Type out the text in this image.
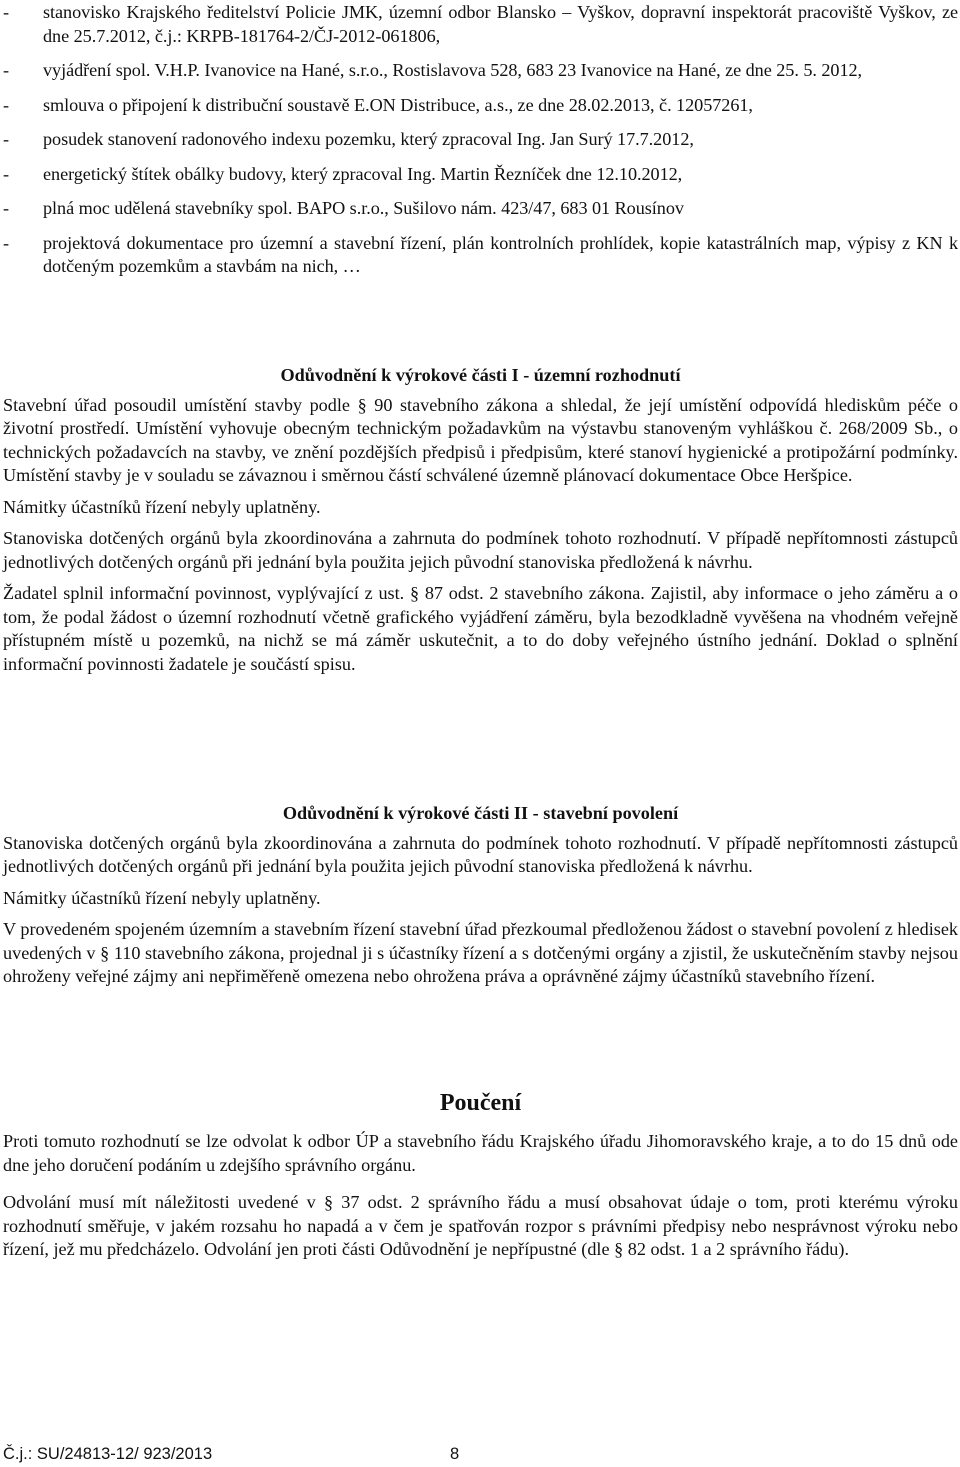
-	stanovisko Krajského ředitelství Policie JMK, územní odbor Blansko – Vyškov, dopravní inspektorát pracoviště Vyškov, ze dne 25.7.2012, č.j.: KRPB-181764-2/ČJ-2012-061806,
-	vyjádření spol. V.H.P. Ivanovice na Hané, s.r.o., Rostislavova 528, 683 23 Ivanovice na Hané, ze dne 25. 5. 2012,
-	smlouva o připojení k distribuční soustavě E.ON Distribuce, a.s., ze dne 28.02.2013, č. 12057261,
-	posudek stanovení radonového indexu pozemku, který zpracoval Ing. Jan Surý 17.7.2012,
-	energetický štítek obálky budovy, který zpracoval Ing. Martin Řezníček dne 12.10.2012,
-	plná moc udělená stavebníky spol. BAPO s.r.o., Sušilovo nám. 423/47, 683 01 Rousínov
-	projektová dokumentace pro územní a stavební řízení, plán kontrolních prohlídek, kopie katastrálních map, výpisy z KN k dotčeným pozemkům a stavbám na nich, …
Odůvodnění k výrokové části I - územní rozhodnutí
Stavební úřad posoudil umístění stavby podle § 90 stavebního zákona a shledal, že její umístění odpovídá hlediskům péče o životní prostředí. Umístění vyhovuje obecným technickým požadavkům na výstavbu stanoveným vyhláškou č. 268/2009 Sb., o technických požadavcích na stavby, ve znění pozdějších předpisů i předpisům, které stanoví hygienické a protipožární podmínky. Umístění stavby je v souladu se závaznou i směrnou částí schválené územně plánovací dokumentace Obce Heršpice.
Námitky účastníků řízení nebyly uplatněny.
Stanoviska dotčených orgánů byla zkoordinována a zahrnuta do podmínek tohoto rozhodnutí. V případě nepřítomnosti zástupců jednotlivých dotčených orgánů při jednání byla použita jejich původní stanoviska předložená k návrhu.
Žadatel splnil informační povinnost, vyplývající z ust. § 87 odst. 2 stavebního zákona. Zajistil, aby informace o jeho záměru a o tom, že podal žádost o územní rozhodnutí včetně grafického vyjádření záměru, byla bezodkladně vyvěšena na vhodném veřejně přístupném místě u pozemků, na nichž se má záměr uskutečnit, a to do doby veřejného ústního jednání. Doklad o splnění informační povinnosti žadatele je součástí spisu.
Odůvodnění k výrokové části II - stavební povolení
Stanoviska dotčených orgánů byla zkoordinována a zahrnuta do podmínek tohoto rozhodnutí. V případě nepřítomnosti zástupců jednotlivých dotčených orgánů při jednání byla použita jejich původní stanoviska předložená k návrhu.
Námitky účastníků řízení nebyly uplatněny.
V provedeném spojeném územním a stavebním řízení stavební úřad přezkoumal předloženou žádost o stavební povolení z hledisek uvedených v § 110 stavebního zákona, projednal ji s účastníky řízení a s dotčenými orgány a zjistil, že uskutečněním stavby nejsou ohroženy veřejné zájmy ani nepřiměřeně omezena nebo ohrožena práva a oprávněné zájmy účastníků stavebního řízení.
Poučení
Proti tomuto rozhodnutí se lze odvolat k odbor ÚP a stavebního řádu Krajského úřadu Jihomoravského kraje, a to do 15 dnů ode dne jeho doručení podáním u zdejšího správního orgánu.
Odvolání musí mít náležitosti uvedené v § 37 odst. 2 správního řádu a musí obsahovat údaje o tom, proti kterému výroku rozhodnutí směřuje, v jakém rozsahu ho napadá a v čem je spatřován rozpor s právními předpisy nebo nesprávnost výroku nebo řízení, jež mu předcházelo. Odvolání jen proti části Odůvodnění je nepřípustné (dle § 82 odst. 1 a 2 správního řádu).
Č.j.: SU/24813-12/ 923/2013	8
